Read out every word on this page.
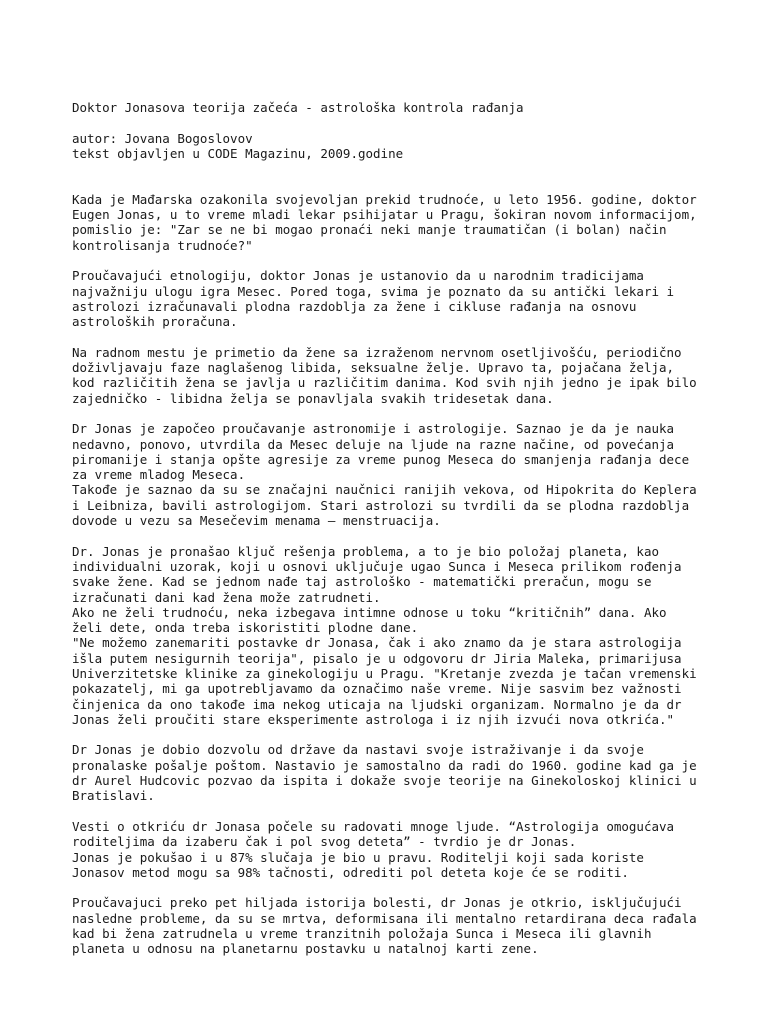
Doktor Jonasova teorija začeća - astrološka kontrola rađanja
autor: Jovana Bogoslovov
tekst objavljen u CODE Magazinu, 2009.godine
Kada je Mađarska ozakonila svojevoljan prekid trudnoće, u leto 1956. godine, doktor
Eugen Jonas, u to vreme mladi lekar psihijatar u Pragu, šokiran novom informacijom,
pomislio je: "Zar se ne bi mogao pronaći neki manje traumatičan (i bolan) način
kontrolisanja trudnoće?"
Proučavajući etnologiju, doktor Jonas je ustanovio da u narodnim tradicijama
najvažniju ulogu igra Mesec. Pored toga, svima je poznato da su antički lekari i
astrolozi izračunavali plodna razdoblja za žene i cikluse rađanja na osnovu
astroloških proračuna.
Na radnom mestu je primetio da žene sa izraženom nervnom osetljivošću, periodično
doživljavaju faze naglašenog libida, seksualne želje. Upravo ta, pojačana želja,
kod različitih žena se javlja u različitim danima. Kod svih njih jedno je ipak bilo
zajedničko - libidna želja se ponavljala svakih tridesetak dana.
Dr Jonas je započeo proučavanje astronomije i astrologije. Saznao je da je nauka
nedavno, ponovo, utvrdila da Mesec deluje na ljude na razne načine, od povećanja
piromanije i stanja opšte agresije za vreme punog Meseca do smanjenja rađanja dece
za vreme mladog Meseca.
Takođe je saznao da su se značajni naučnici ranijih vekova, od Hipokrita do Keplera
i Leibniza, bavili astrologijom. Stari astrolozi su tvrdili da se plodna razdoblja
dovode u vezu sa Mesečevim menama – menstruacija.
Dr. Jonas je pronašao ključ rešenja problema, a to je bio položaj planeta, kao
individualni uzorak, koji u osnovi uključuje ugao Sunca i Meseca prilikom rođenja
svake žene. Kad se jednom nađe taj astrološko - matematički preračun, mogu se
izračunati dani kad žena može zatrudneti.
Ako ne želi trudnoću, neka izbegava intimne odnose u toku “kritičnih” dana. Ako
želi dete, onda treba iskoristiti plodne dane.
"Ne možemo zanemariti postavke dr Jonasa, čak i ako znamo da je stara astrologija
išla putem nesigurnih teorija", pisalo je u odgovoru dr Jiria Maleka, primarijusa
Univerzitetske klinike za ginekologiju u Pragu. "Kretanje zvezda je tačan vremenski
pokazatelj, mi ga upotrebljavamo da označimo naše vreme. Nije sasvim bez važnosti
činjenica da ono takođe ima nekog uticaja na ljudski organizam. Normalno je da dr
Jonas želi proučiti stare eksperimente astrologa i iz njih izvući nova otkrića."
Dr Jonas je dobio dozvolu od države da nastavi svoje istraživanje i da svoje
pronalaske pošalje poštom. Nastavio je samostalno da radi do 1960. godine kad ga je
dr Aurel Hudcovic pozvao da ispita i dokaže svoje teorije na Ginekoloskoj klinici u
Bratislavi.
Vesti o otkriću dr Jonasa počele su radovati mnoge ljude. “Astrologija omogućava
roditeljima da izaberu čak i pol svog deteta” - tvrdio je dr Jonas.
Jonas je pokušao i u 87% slučaja je bio u pravu. Roditelji koji sada koriste
Jonasov metod mogu sa 98% tačnosti, odrediti pol deteta koje će se roditi.
Proučavajuci preko pet hiljada istorija bolesti, dr Jonas je otkrio, isključujući
nasledne probleme, da su se mrtva, deformisana ili mentalno retardirana deca rađala
kad bi žena zatrudnela u vreme tranzitnih položaja Sunca i Meseca ili glavnih
planeta u odnosu na planetarnu postavku u natalnoj karti zene.
